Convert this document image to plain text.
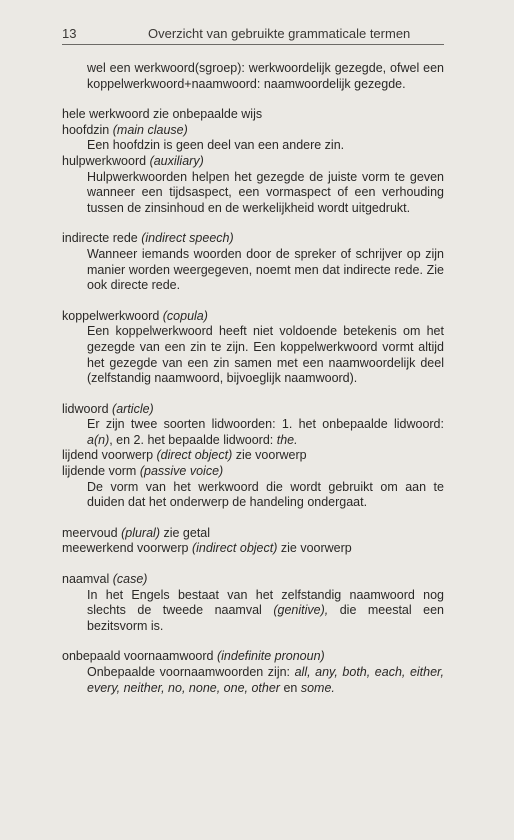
13	Overzicht van gebruikte grammaticale termen
wel een werkwoord(sgroep): werkwoordelijk gezegde, ofwel een koppelwerkwoord+naamwoord: naamwoordelijk gezegde.
hele werkwoord zie onbepaalde wijs
hoofdzin (main clause)
Een hoofdzin is geen deel van een andere zin.
hulpwerkwoord (auxiliary)
Hulpwerkwoorden helpen het gezegde de juiste vorm te geven wanneer een tijdsaspect, een vormaspect of een verhouding tussen de zinsinhoud en de werkelijkheid wordt uitgedrukt.
indirecte rede (indirect speech)
Wanneer iemands woorden door de spreker of schrijver op zijn manier worden weergegeven, noemt men dat indirecte rede. Zie ook directe rede.
koppelwerkwoord (copula)
Een koppelwerkwoord heeft niet voldoende betekenis om het gezegde van een zin te zijn. Een koppelwerkwoord vormt altijd het gezegde van een zin samen met een naamwoordelijk deel (zelfstandig naamwoord, bijvoeglijk naamwoord).
lidwoord (article)
Er zijn twee soorten lidwoorden: 1. het onbepaalde lidwoord: a(n), en 2. het bepaalde lidwoord: the.
lijdend voorwerp (direct object) zie voorwerp
lijdende vorm (passive voice)
De vorm van het werkwoord die wordt gebruikt om aan te duiden dat het onderwerp de handeling ondergaat.
meervoud (plural) zie getal
meewerkend voorwerp (indirect object) zie voorwerp
naamval (case)
In het Engels bestaat van het zelfstandig naamwoord nog slechts de tweede naamval (genitive), die meestal een bezitsvorm is.
onbepaald voornaamwoord (indefinite pronoun)
Onbepaalde voornaamwoorden zijn: all, any, both, each, either, every, neither, no, none, one, other en some.
